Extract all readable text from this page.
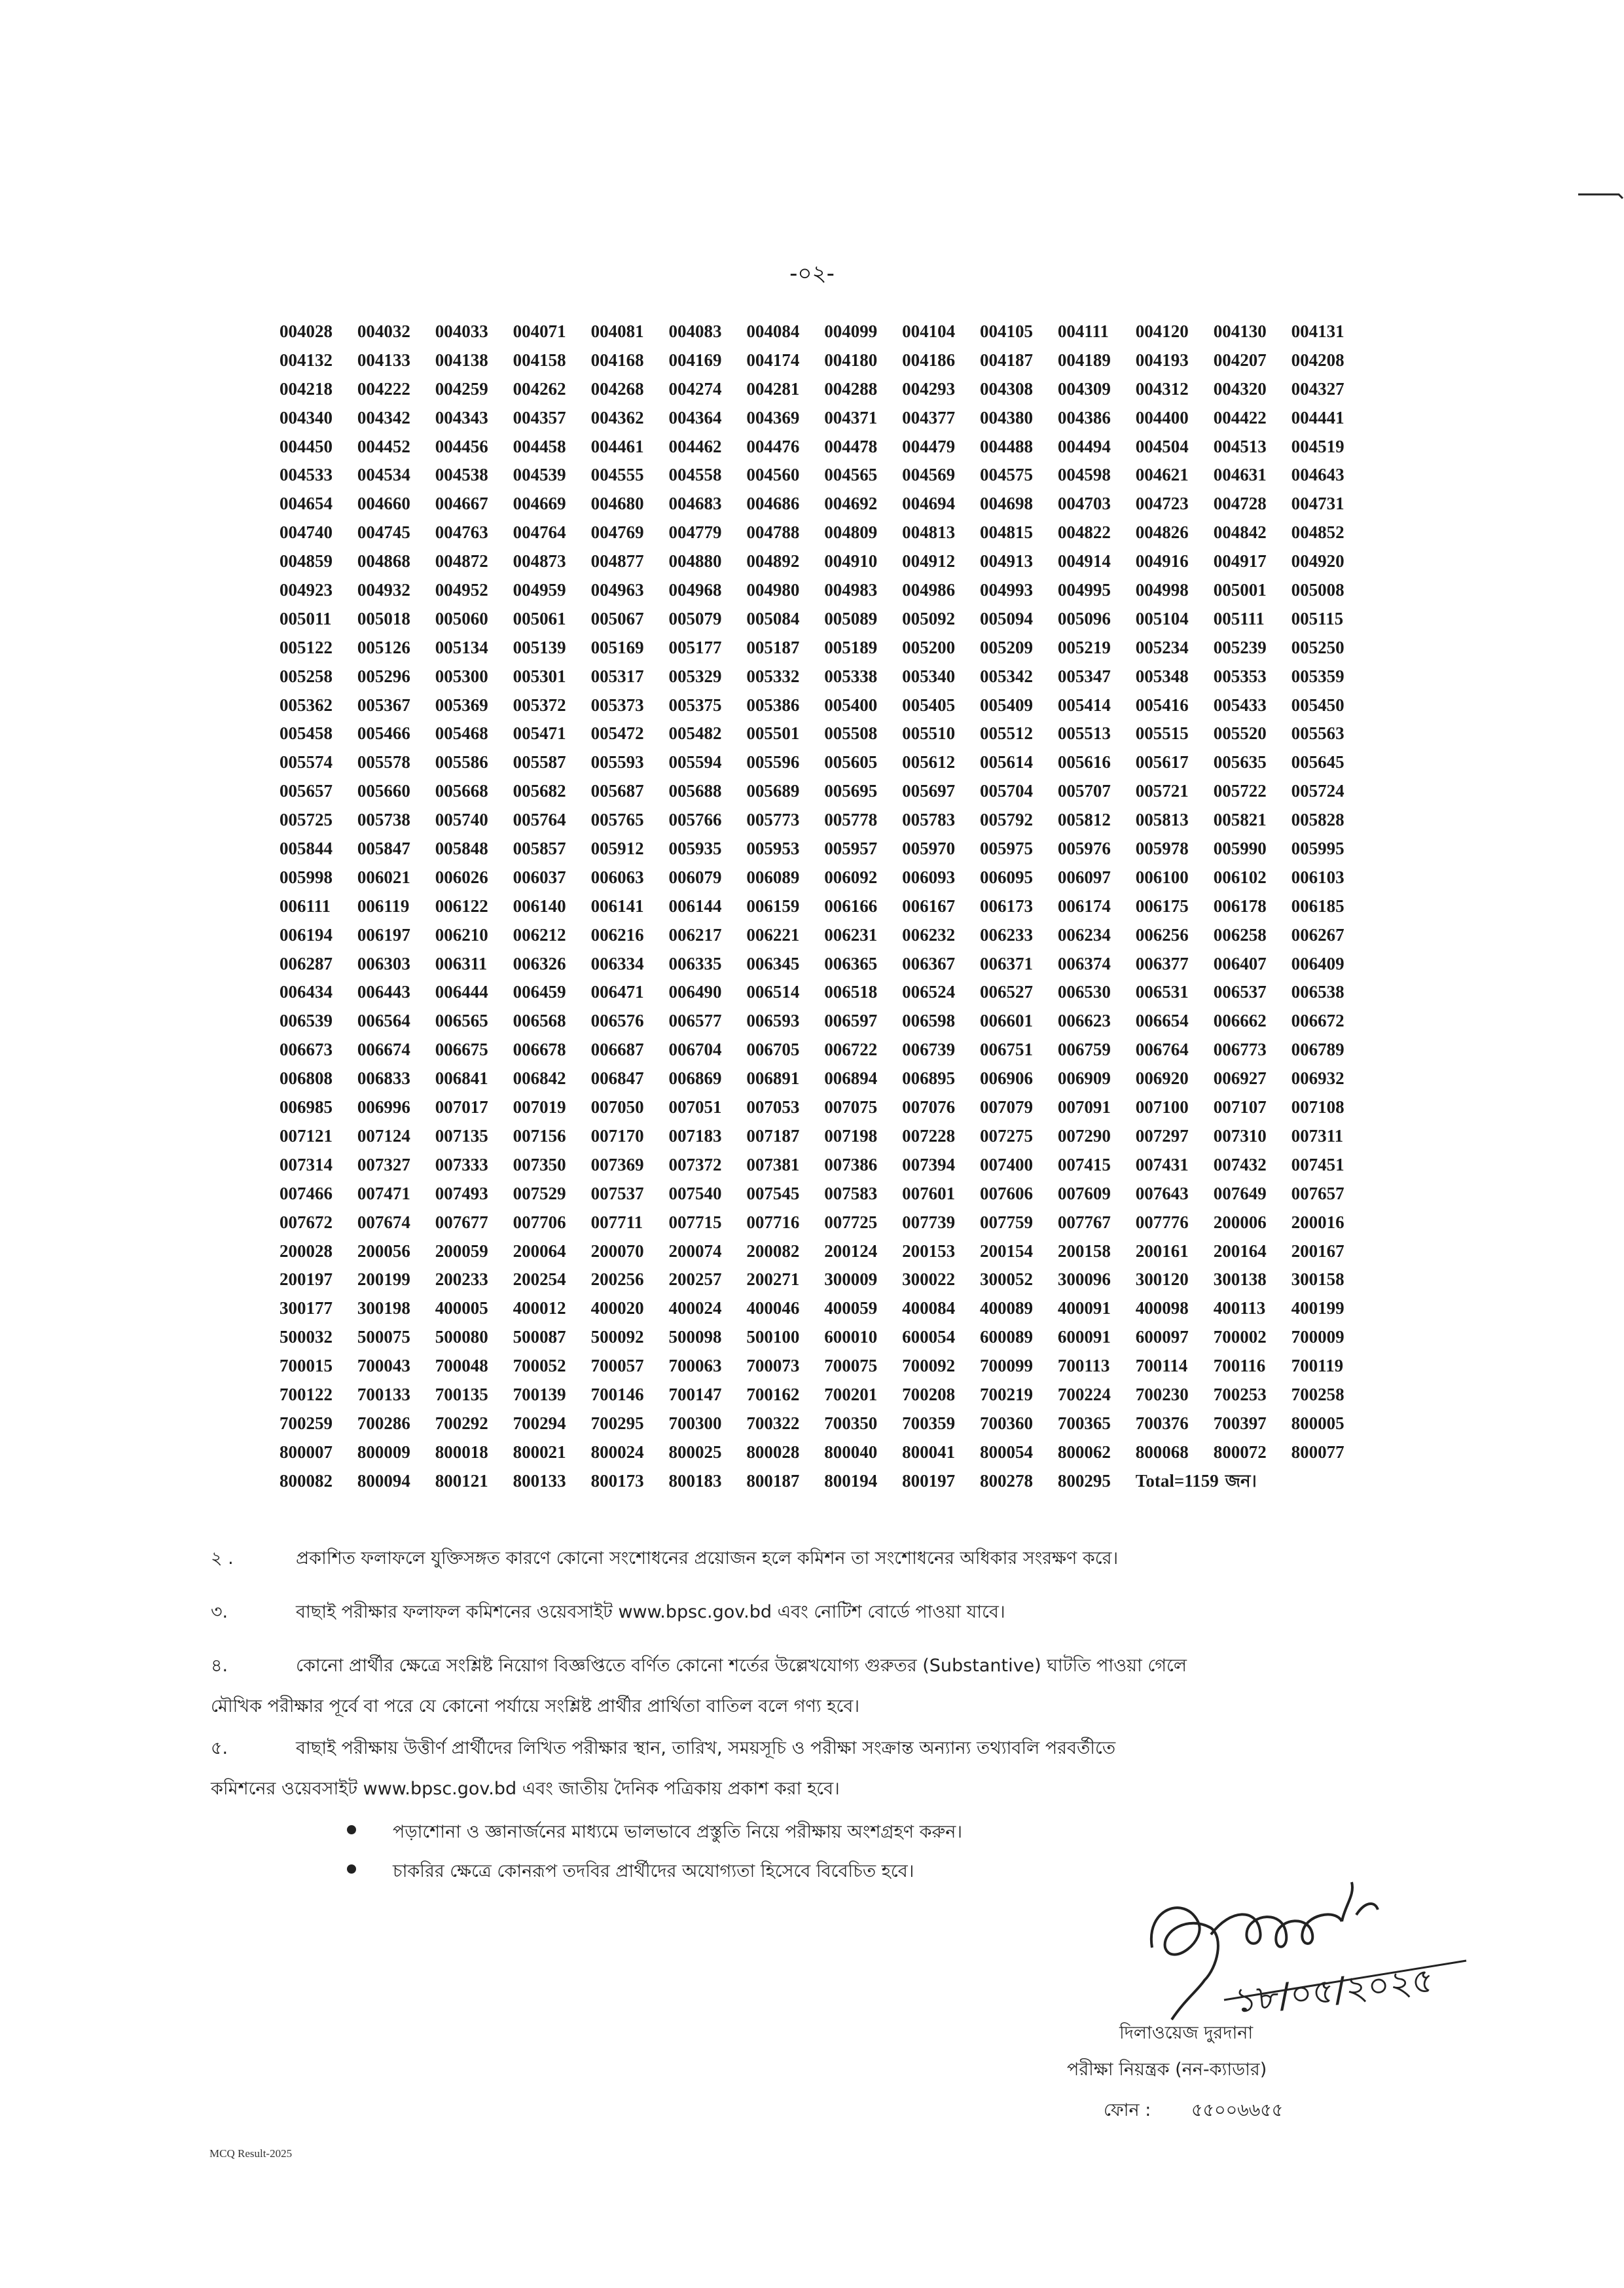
-০২-
004028	004032	004033	004071	004081	004083	004084	004099	004104	004105	004111	004120	004130	004131
004132	004133	004138	004158	004168	004169	004174	004180	004186	004187	004189	004193	004207	004208
004218	004222	004259	004262	004268	004274	004281	004288	004293	004308	004309	004312	004320	004327
004340	004342	004343	004357	004362	004364	004369	004371	004377	004380	004386	004400	004422	004441
004450	004452	004456	004458	004461	004462	004476	004478	004479	004488	004494	004504	004513	004519
004533	004534	004538	004539	004555	004558	004560	004565	004569	004575	004598	004621	004631	004643
004654	004660	004667	004669	004680	004683	004686	004692	004694	004698	004703	004723	004728	004731
004740	004745	004763	004764	004769	004779	004788	004809	004813	004815	004822	004826	004842	004852
004859	004868	004872	004873	004877	004880	004892	004910	004912	004913	004914	004916	004917	004920
004923	004932	004952	004959	004963	004968	004980	004983	004986	004993	004995	004998	005001	005008
005011	005018	005060	005061	005067	005079	005084	005089	005092	005094	005096	005104	005111	005115
005122	005126	005134	005139	005169	005177	005187	005189	005200	005209	005219	005234	005239	005250
005258	005296	005300	005301	005317	005329	005332	005338	005340	005342	005347	005348	005353	005359
005362	005367	005369	005372	005373	005375	005386	005400	005405	005409	005414	005416	005433	005450
005458	005466	005468	005471	005472	005482	005501	005508	005510	005512	005513	005515	005520	005563
005574	005578	005586	005587	005593	005594	005596	005605	005612	005614	005616	005617	005635	005645
005657	005660	005668	005682	005687	005688	005689	005695	005697	005704	005707	005721	005722	005724
005725	005738	005740	005764	005765	005766	005773	005778	005783	005792	005812	005813	005821	005828
005844	005847	005848	005857	005912	005935	005953	005957	005970	005975	005976	005978	005990	005995
005998	006021	006026	006037	006063	006079	006089	006092	006093	006095	006097	006100	006102	006103
006111	006119	006122	006140	006141	006144	006159	006166	006167	006173	006174	006175	006178	006185
006194	006197	006210	006212	006216	006217	006221	006231	006232	006233	006234	006256	006258	006267
006287	006303	006311	006326	006334	006335	006345	006365	006367	006371	006374	006377	006407	006409
006434	006443	006444	006459	006471	006490	006514	006518	006524	006527	006530	006531	006537	006538
006539	006564	006565	006568	006576	006577	006593	006597	006598	006601	006623	006654	006662	006672
006673	006674	006675	006678	006687	006704	006705	006722	006739	006751	006759	006764	006773	006789
006808	006833	006841	006842	006847	006869	006891	006894	006895	006906	006909	006920	006927	006932
006985	006996	007017	007019	007050	007051	007053	007075	007076	007079	007091	007100	007107	007108
007121	007124	007135	007156	007170	007183	007187	007198	007228	007275	007290	007297	007310	007311
007314	007327	007333	007350	007369	007372	007381	007386	007394	007400	007415	007431	007432	007451
007466	007471	007493	007529	007537	007540	007545	007583	007601	007606	007609	007643	007649	007657
007672	007674	007677	007706	007711	007715	007716	007725	007739	007759	007767	007776	200006	200016
200028	200056	200059	200064	200070	200074	200082	200124	200153	200154	200158	200161	200164	200167
200197	200199	200233	200254	200256	200257	200271	300009	300022	300052	300096	300120	300138	300158
300177	300198	400005	400012	400020	400024	400046	400059	400084	400089	400091	400098	400113	400199
500032	500075	500080	500087	500092	500098	500100	600010	600054	600089	600091	600097	700002	700009
700015	700043	700048	700052	700057	700063	700073	700075	700092	700099	700113	700114	700116	700119
700122	700133	700135	700139	700146	700147	700162	700201	700208	700219	700224	700230	700253	700258
700259	700286	700292	700294	700295	700300	700322	700350	700359	700360	700365	700376	700397	800005
800007	800009	800018	800021	800024	800025	800028	800040	800041	800054	800062	800068	800072	800077
800082	800094	800121	800133	800173	800183	800187	800194	800197	800278	800295	Total=1159 জন।
২ .	প্রকাশিত ফলাফলে যুক্তিসঙ্গত কারণে কোনো সংশোধনের প্রয়োজন হলে কমিশন তা সংশোধনের অধিকার সংরক্ষণ করে।
৩.	বাছাই পরীক্ষার ফলাফল কমিশনের ওয়েবসাইট www.bpsc.gov.bd এবং নোটিশ বোর্ডে পাওয়া যাবে।
৪.	কোনো প্রার্থীর ক্ষেত্রে সংশ্লিষ্ট নিয়োগ বিজ্ঞপ্তিতে বর্ণিত কোনো শর্তের উল্লেখযোগ্য গুরুতর (Substantive) ঘাটতি পাওয়া গেলে
মৌখিক পরীক্ষার পূর্বে বা পরে যে কোনো পর্যায়ে সংশ্লিষ্ট প্রার্থীর প্রার্থিতা বাতিল বলে গণ্য হবে।
৫.	বাছাই পরীক্ষায় উত্তীর্ণ প্রার্থীদের লিখিত পরীক্ষার স্থান, তারিখ, সময়সূচি ও পরীক্ষা সংক্রান্ত অন্যান্য তথ্যাবলি পরবর্তীতে
কমিশনের ওয়েবসাইট www.bpsc.gov.bd এবং জাতীয় দৈনিক পত্রিকায় প্রকাশ করা হবে।
পড়াশোনা ও জ্ঞানার্জনের মাধ্যমে ভালভাবে প্রস্তুতি নিয়ে পরীক্ষায় অংশগ্রহণ করুন।
চাকরির ক্ষেত্রে কোনরূপ তদবির প্রার্থীদের অযোগ্যতা হিসেবে বিবেচিত হবে।
১৮/০৫/২০২৫
দিলাওয়েজ দুরদানা
পরীক্ষা নিয়ন্ত্রক (নন-ক্যাডার)
ফোন : ৫৫০০৬৬৫৫
MCQ Result-2025
